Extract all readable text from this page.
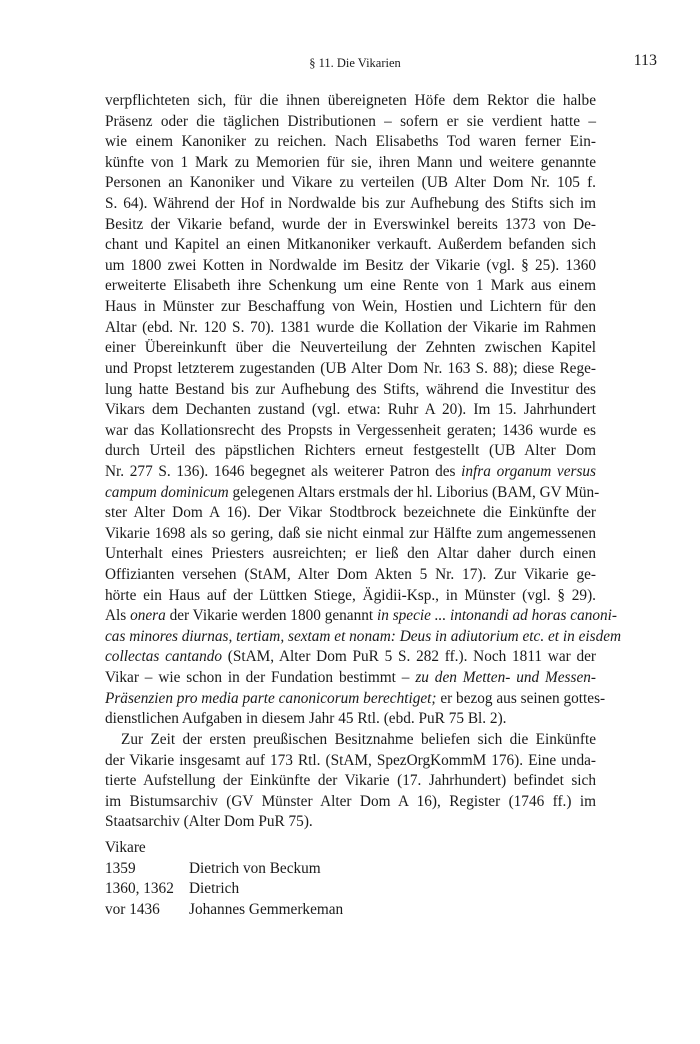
§ 11. Die Vikarien	113
verpflichteten sich, für die ihnen übereigneten Höfe dem Rektor die halbe
Präsenz oder die täglichen Distributionen – sofern er sie verdient hatte –
wie einem Kanoniker zu reichen. Nach Elisabeths Tod waren ferner Ein-
künfte von 1 Mark zu Memorien für sie, ihren Mann und weitere genannte
Personen an Kanoniker und Vikare zu verteilen (UB Alter Dom Nr. 105 f.
S. 64). Während der Hof in Nordwalde bis zur Aufhebung des Stifts sich im
Besitz der Vikarie befand, wurde der in Everswinkel bereits 1373 von De-
chant und Kapitel an einen Mitkanoniker verkauft. Außerdem befanden sich
um 1800 zwei Kotten in Nordwalde im Besitz der Vikarie (vgl. § 25). 1360
erweiterte Elisabeth ihre Schenkung um eine Rente von 1 Mark aus einem
Haus in Münster zur Beschaffung von Wein, Hostien und Lichtern für den
Altar (ebd. Nr. 120 S. 70). 1381 wurde die Kollation der Vikarie im Rahmen
einer Übereinkunft über die Neuverteilung der Zehnten zwischen Kapitel
und Propst letzterem zugestanden (UB Alter Dom Nr. 163 S. 88); diese Rege-
lung hatte Bestand bis zur Aufhebung des Stifts, während die Investitur des
Vikars dem Dechanten zustand (vgl. etwa: Ruhr A 20). Im 15. Jahrhundert
war das Kollationsrecht des Propsts in Vergessenheit geraten; 1436 wurde es
durch Urteil des päpstlichen Richters erneut festgestellt (UB Alter Dom
Nr. 277 S. 136). 1646 begegnet als weiterer Patron des infra organum versus
campum dominicum gelegenen Altars erstmals der hl. Liborius (BAM, GV Mün-
ster Alter Dom A 16). Der Vikar Stodtbrock bezeichnete die Einkünfte der
Vikarie 1698 als so gering, daß sie nicht einmal zur Hälfte zum angemessenen
Unterhalt eines Priesters ausreichten; er ließ den Altar daher durch einen
Offizianten versehen (StAM, Alter Dom Akten 5 Nr. 17). Zur Vikarie ge-
hörte ein Haus auf der Lüttken Stiege, Ägidii-Ksp., in Münster (vgl. § 29).
Als onera der Vikarie werden 1800 genannt in specie ... intonandi ad horas canoni-
cas minores diurnas, tertiam, sextam et nonam: Deus in adiutorium etc. et in eisdem
collectas cantando (StAM, Alter Dom PuR 5 S. 282 ff.). Noch 1811 war der
Vikar – wie schon in der Fundation bestimmt – zu den Metten- und Messen-
Präsenzien pro media parte canonicorum berechtiget; er bezog aus seinen gottes-
dienstlichen Aufgaben in diesem Jahr 45 Rtl. (ebd. PuR 75 Bl. 2).
Zur Zeit der ersten preußischen Besitznahme beliefen sich die Einkünfte
der Vikarie insgesamt auf 173 Rtl. (StAM, SpezOrgKommM 176). Eine unda-
tierte Aufstellung der Einkünfte der Vikarie (17. Jahrhundert) befindet sich
im Bistumsarchiv (GV Münster Alter Dom A 16), Register (1746 ff.) im
Staatsarchiv (Alter Dom PuR 75).
Vikare
1359	Dietrich von Beckum
1360, 1362 Dietrich
vor 1436	Johannes Gemmerkeman
